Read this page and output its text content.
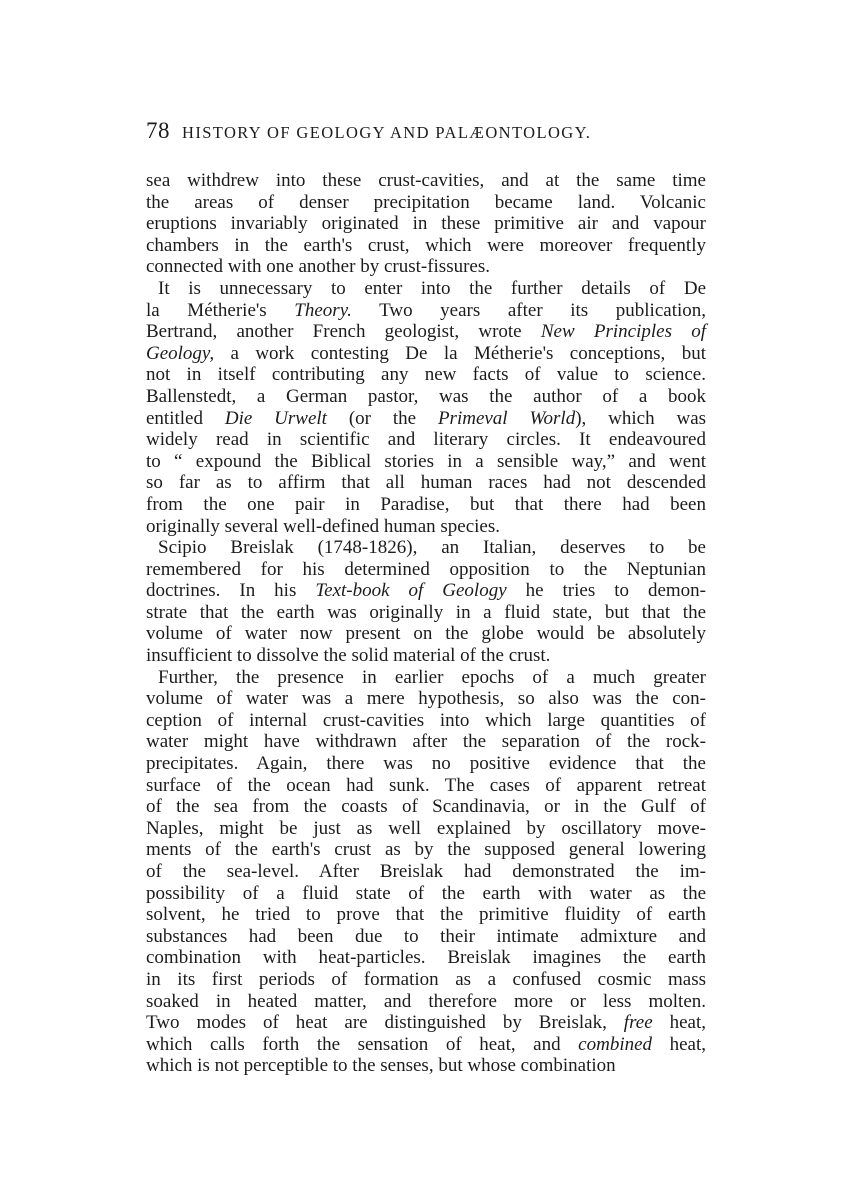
78 HISTORY OF GEOLOGY AND PALÆONTOLOGY.
sea withdrew into these crust-cavities, and at the same time
the areas of denser precipitation became land. Volcanic
eruptions invariably originated in these primitive air and vapour
chambers in the earth's crust, which were moreover frequently
connected with one another by crust-fissures.
It is unnecessary to enter into the further details of De
la Métherie's Theory. Two years after its publication,
Bertrand, another French geologist, wrote New Principles of
Geology, a work contesting De la Métherie's conceptions, but
not in itself contributing any new facts of value to science.
Ballenstedt, a German pastor, was the author of a book
entitled Die Urwelt (or the Primeval World), which was
widely read in scientific and literary circles. It endeavoured
to “ expound the Biblical stories in a sensible way,” and went
so far as to affirm that all human races had not descended
from the one pair in Paradise, but that there had been
originally several well-defined human species.
Scipio Breislak (1748-1826), an Italian, deserves to be
remembered for his determined opposition to the Neptunian
doctrines. In his Text-book of Geology he tries to demon-
strate that the earth was originally in a fluid state, but that the
volume of water now present on the globe would be absolutely
insufficient to dissolve the solid material of the crust.
Further, the presence in earlier epochs of a much greater
volume of water was a mere hypothesis, so also was the con-
ception of internal crust-cavities into which large quantities of
water might have withdrawn after the separation of the rock-
precipitates. Again, there was no positive evidence that the
surface of the ocean had sunk. The cases of apparent retreat
of the sea from the coasts of Scandinavia, or in the Gulf of
Naples, might be just as well explained by oscillatory move-
ments of the earth's crust as by the supposed general lowering
of the sea-level. After Breislak had demonstrated the im-
possibility of a fluid state of the earth with water as the
solvent, he tried to prove that the primitive fluidity of earth
substances had been due to their intimate admixture and
combination with heat-particles. Breislak imagines the earth
in its first periods of formation as a confused cosmic mass
soaked in heated matter, and therefore more or less molten.
Two modes of heat are distinguished by Breislak, free heat,
which calls forth the sensation of heat, and combined heat,
which is not perceptible to the senses, but whose combination
